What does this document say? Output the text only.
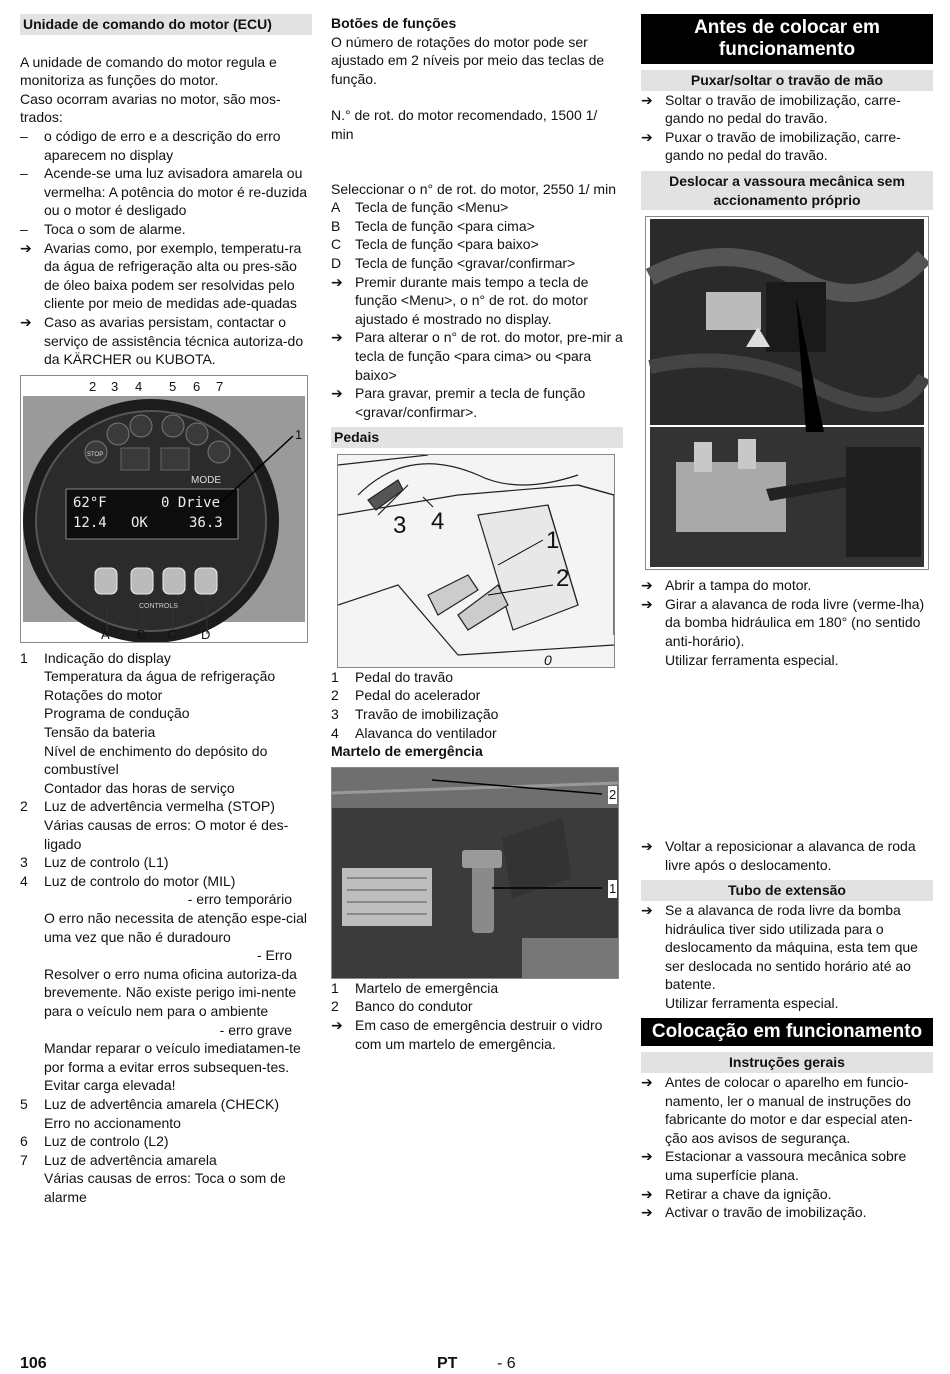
Unidade de comando do motor (ECU)

A unidade de comando do motor regula e monitoriza as funções do motor.

Caso ocorram avarias no motor, são mos-trados:

–	o código de erro e a descrição do erro aparecem no display
–	Acende-se uma luz avisadora amarela ou vermelha: A potência do motor é re-duzida ou o motor é desligado
–	Toca o som de alarme.
➔ Avarias como, por exemplo, temperatu-ra da água de refrigeração alta ou pres-são de óleo baixa podem ser resolvidas pelo cliente por meio de medidas ade-quadas
➔ Caso as avarias persistam, contactar o serviço de assistência técnica autoriza-do da KÄRCHER ou KUBOTA.
2 3 4 5 6 7
1
STOP
MODE
62°F	0 Drive
12.4 OK	36.3
CONTROLS
A B C D
1	Indicação do display
Temperatura da água de refrigeração
Rotações do motor
Programa de condução
Tensão da bateria
Nível de enchimento do depósito do combustível
Contador das horas de serviço
2	Luz de advertência vermelha (STOP)
Várias causas de erros: O motor é des-ligado
3	Luz de controlo (L1)
4	Luz de controlo do motor (MIL)

- erro temporário

O erro não necessita de atenção espe-cial uma vez que não é duradouro

- Erro

Resolver o erro numa oficina autoriza-da brevemente. Não existe perigo imi-nente para o veículo nem para o ambiente

- erro grave

Mandar reparar o veículo imediatamen-te por forma a evitar erros subsequen-tes. Evitar carga elevada!

5	Luz de advertência amarela (CHECK)
Erro no accionamento
6	Luz de controlo (L2)
7	Luz de advertência amarela
Várias causas de erros: Toca o som de alarme

Botões de funções

O número de rotações do motor pode ser ajustado em 2 níveis por meio das teclas de função.

N.° de rot. do motor recomendado, 1500 1/ min

Seleccionar o n° de rot. do motor, 2550 1/ min

A	Tecla de função <Menu>
B	Tecla de função <para cima>
C Tecla de função <para baixo>
D Tecla de função <gravar/confirmar>
➔ Premir durante mais tempo a tecla de função <Menu>, o n° de rot. do motor ajustado é mostrado no display.
➔ Para alterar o n° de rot. do motor, pre-mir a tecla de função <para cima> ou <para baixo>
➔ Para gravar, premir a tecla de função <gravar/confirmar>.
Pedais
3 4
1
2
0
1	Pedal do travão
2	Pedal do acelerador
3	Travão de imobilização
4	Alavanca do ventilador

Martelo de emergência

2
1
1	Martelo de emergência
2	Banco do condutor
➔ Em caso de emergência destruir o vidro com um martelo de emergência.
Antes de colocar em funcionamento
Puxar/soltar o travão de mão
➔ Soltar o travão de imobilização, carre-gando no pedal do travão.
➔ Puxar o travão de imobilização, carre-gando no pedal do travão.
Deslocar a vassoura mecânica sem accionamento próprio
➔ Abrir a tampa do motor.
➔ Girar a alavanca de roda livre (verme-lha) da bomba hidráulica em 180° (no sentido anti-horário).

Utilizar ferramenta especial.

➔ Voltar a reposicionar a alavanca de roda livre após o deslocamento.
Tubo de extensão
➔ Se a alavanca de roda livre da bomba hidráulica tiver sido utilizada para o deslocamento da máquina, esta tem que ser deslocada no sentido horário até ao batente.

Utilizar ferramenta especial.

Colocação em funcionamento
Instruções gerais
➔ Antes de colocar o aparelho em funcio-namento, ler o manual de instruções do fabricante do motor e dar especial aten-ção aos avisos de segurança.
➔ Estacionar a vassoura mecânica sobre uma superfície plana.
➔ Retirar a chave da ignição.
➔ Activar o travão de imobilização.
106	PT - 6
